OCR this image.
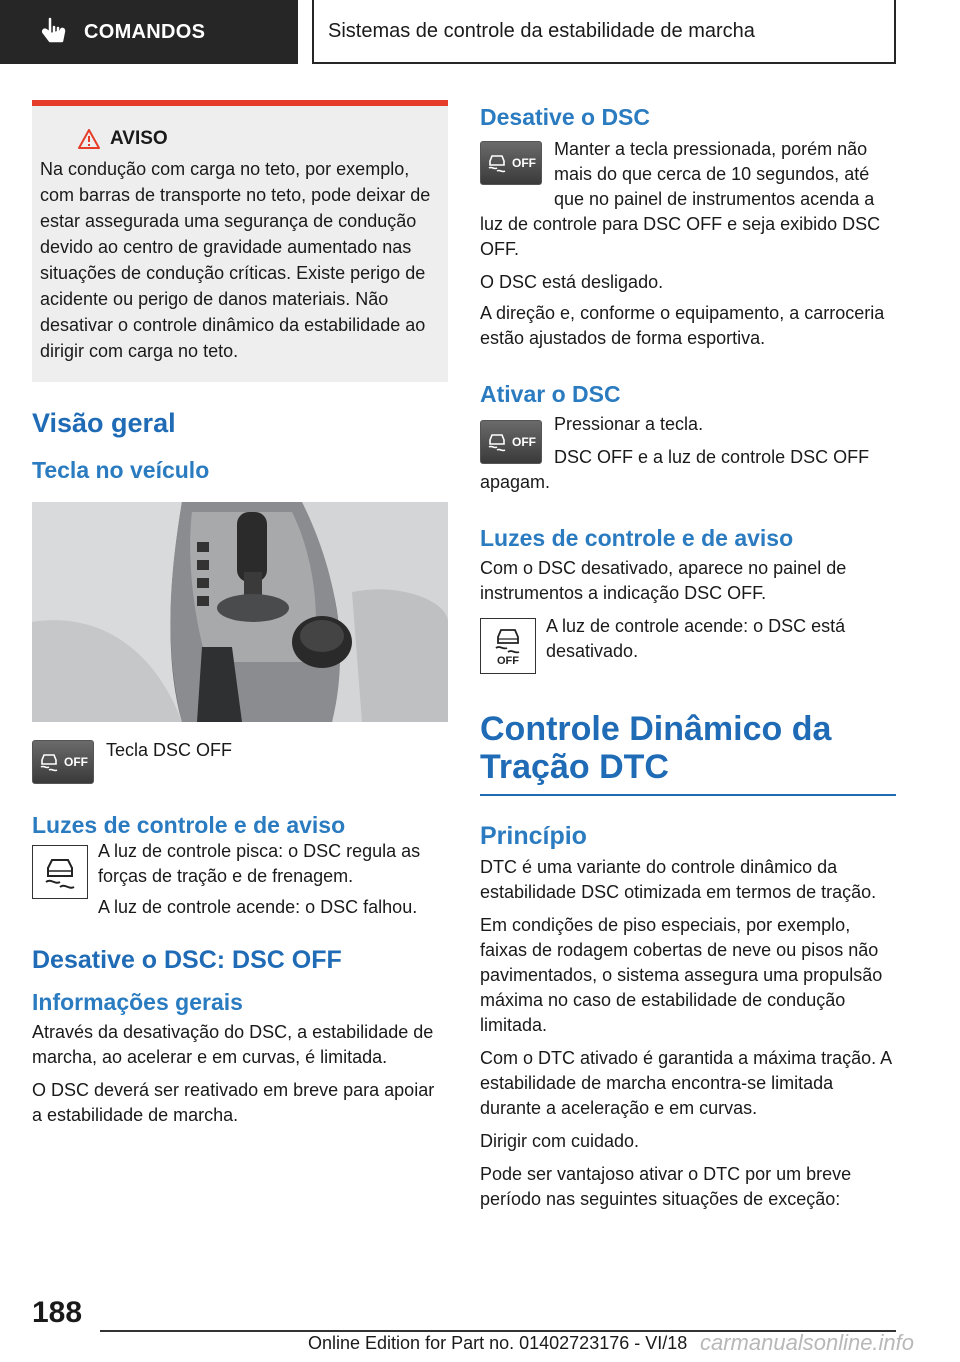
COMANDOS	Sistemas de controle da estabilidade de marcha
AVISO

Na condução com carga no teto, por exemplo, com barras de transporte no teto, pode deixar de estar assegurada uma segurança de condução devido ao centro de gravidade aumentado nas situações de condução críticas. Existe perigo de acidente ou perigo de danos materiais. Não desativar o controle dinâmico da estabilidade ao dirigir com carga no teto.

Visão geral
Tecla no veículo
OFF

Tecla DSC OFF

Luzes de controle e de aviso

A luz de controle pisca: o DSC regula as forças de tração e de frenagem.

A luz de controle acende: o DSC falhou.

Desative o DSC: DSC OFF
Informações gerais

Através da desativação do DSC, a estabilidade de marcha, ao acelerar e em curvas, é limitada.

O DSC deverá ser reativado em breve para apoiar a estabilidade de marcha.

Desative o DSC
OFF

Manter a tecla pressionada, porém não mais do que cerca de 10 segundos, até que no painel de instrumentos acenda a luz de controle para DSC OFF e seja exibido DSC OFF.

O DSC está desligado.

A direção e, conforme o equipamento, a carroceria estão ajustados de forma esportiva.

Ativar o DSC
OFF

Pressionar a tecla.

DSC OFF e a luz de controle DSC OFF apagam.

Luzes de controle e de aviso

Com o DSC desativado, aparece no painel de instrumentos a indicação DSC OFF.

OFF

A luz de controle acende: o DSC está desativado.

Controle Dinâmico da Tração DTC
Princípio

DTC é uma variante do controle dinâmico da estabilidade DSC otimizada em termos de tração.

Em condições de piso especiais, por exemplo, faixas de rodagem cobertas de neve ou pisos não pavimentados, o sistema assegura uma propulsão máxima no caso de estabilidade de condução limitada.

Com o DTC ativado é garantida a máxima tração. A estabilidade de marcha encontra-se limitada durante a aceleração e em curvas.

Dirigir com cuidado.

Pode ser vantajoso ativar o DTC por um breve período nas seguintes situações de exceção:

188
Online Edition for Part no. 01402723176 - VI/18 carmanualsonline.info
